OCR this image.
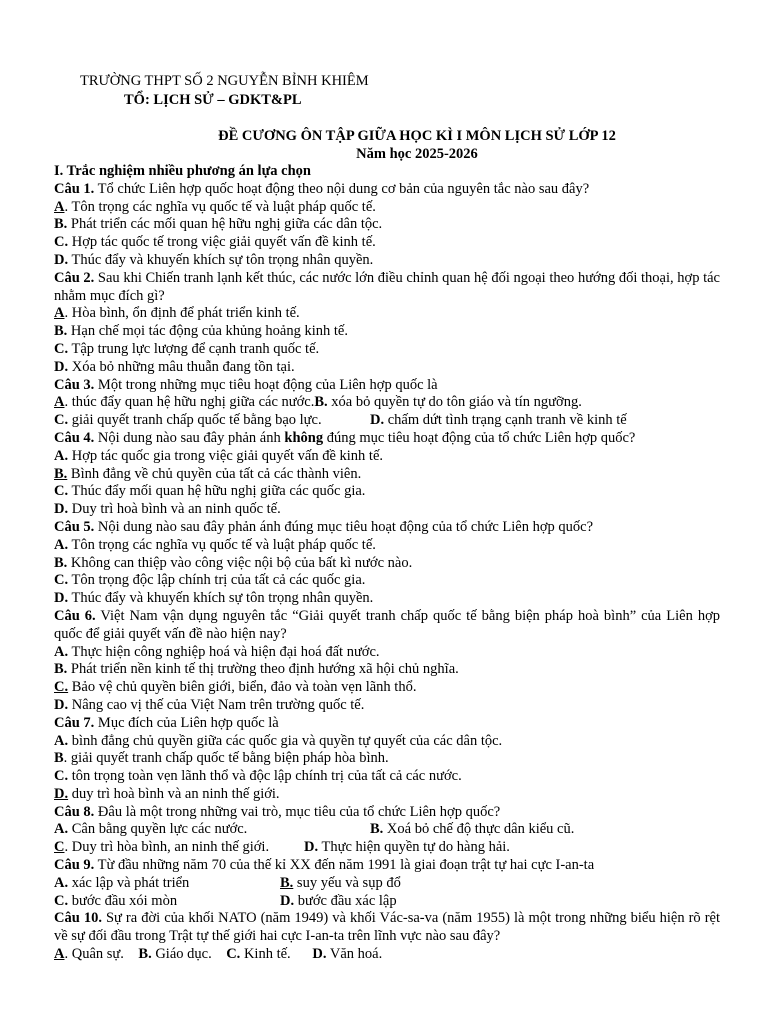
TRƯỜNG THPT SỐ 2 NGUYỄN BỈNH KHIÊM
TỔ: LỊCH SỬ – GDKT&PL
ĐỀ CƯƠNG ÔN TẬP GIỮA HỌC KÌ I MÔN LỊCH SỬ LỚP 12
Năm học 2025-2026
I. Trắc nghiệm nhiều phương án lựa chọn
Câu 1. Tổ chức Liên hợp quốc hoạt động theo nội dung cơ bản của nguyên tắc nào sau đây?
A. Tôn trọng các nghĩa vụ quốc tế và luật pháp quốc tế.
B. Phát triển các mối quan hệ hữu nghị giữa các dân tộc.
C. Hợp tác quốc tế trong việc giải quyết vấn đề kinh tế.
D. Thúc đẩy và khuyến khích sự tôn trọng nhân quyền.
Câu 2. Sau khi Chiến tranh lạnh kết thúc, các nước lớn điều chỉnh quan hệ đối ngoại theo hướng đối thoại, hợp tác nhằm mục đích gì?
A. Hòa bình, ổn định để phát triển kinh tế.
B. Hạn chế mọi tác động của khủng hoảng kinh tế.
C. Tập trung lực lượng để cạnh tranh quốc tế.
D. Xóa bỏ những mâu thuẫn đang tồn tại.
Câu 3. Một trong những mục tiêu hoạt động của Liên hợp quốc là
A. thúc đẩy quan hệ hữu nghị giữa các nước.B. xóa bỏ quyền tự do tôn giáo và tín ngưỡng.
C. giải quyết tranh chấp quốc tế bằng bạo lực.	D. chấm dứt tình trạng cạnh tranh về kinh tế
Câu 4. Nội dung nào sau đây phản ánh không đúng mục tiêu hoạt động của tổ chức Liên hợp quốc?
A. Hợp tác quốc gia trong việc giải quyết vấn đề kinh tế.
B. Bình đẳng về chủ quyền của tất cả các thành viên.
C. Thúc đẩy mối quan hệ hữu nghị giữa các quốc gia.
D. Duy trì hoà bình và an ninh quốc tế.
Câu 5. Nội dung nào sau đây phản ánh đúng mục tiêu hoạt động của tổ chức Liên hợp quốc?
A. Tôn trọng các nghĩa vụ quốc tế và luật pháp quốc tế.
B. Không can thiệp vào công việc nội bộ của bất kì nước nào.
C. Tôn trọng độc lập chính trị của tất cả các quốc gia.
D. Thúc đẩy và khuyến khích sự tôn trọng nhân quyền.
Câu 6. Việt Nam vận dụng nguyên tắc “Giải quyết tranh chấp quốc tế bằng biện pháp hoà bình” của Liên hợp quốc để giải quyết vấn đề nào hiện nay?
A. Thực hiện công nghiệp hoá và hiện đại hoá đất nước.
B. Phát triển nền kinh tế thị trường theo định hướng xã hội chủ nghĩa.
C. Bảo vệ chủ quyền biên giới, biển, đảo và toàn vẹn lãnh thổ.
D. Nâng cao vị thế của Việt Nam trên trường quốc tế.
Câu 7. Mục đích của Liên hợp quốc là
A. bình đẳng chủ quyền giữa các quốc gia và quyền tự quyết của các dân tộc.
B. giải quyết tranh chấp quốc tế bằng biện pháp hòa bình.
C. tôn trọng toàn vẹn lãnh thổ và độc lập chính trị của tất cả các nước.
D. duy trì hoà bình và an ninh thế giới.
Câu 8. Đâu là một trong những vai trò, mục tiêu của tổ chức Liên hợp quốc?
A. Cân bằng quyền lực các nước.	B. Xoá bỏ chế độ thực dân kiểu cũ.
C. Duy trì hòa bình, an ninh thế giới.	D. Thực hiện quyền tự do hàng hải.
Câu 9. Từ đầu những năm 70 của thế kỉ XX đến năm 1991 là giai đoạn trật tự hai cực I-an-ta
A. xác lập và phát triển	B. suy yếu và sụp đổ
C. bước đầu xói mòn	D. bước đầu xác lập
Câu 10. Sự ra đời của khối NATO (năm 1949) và khối Vác-sa-va (năm 1955) là một trong những biểu hiện rõ rệt về sự đối đầu trong Trật tự thế giới hai cực I-an-ta trên lĩnh vực nào sau đây?
A. Quân sự. B. Giáo dục. C. Kinh tế. D. Văn hoá.
